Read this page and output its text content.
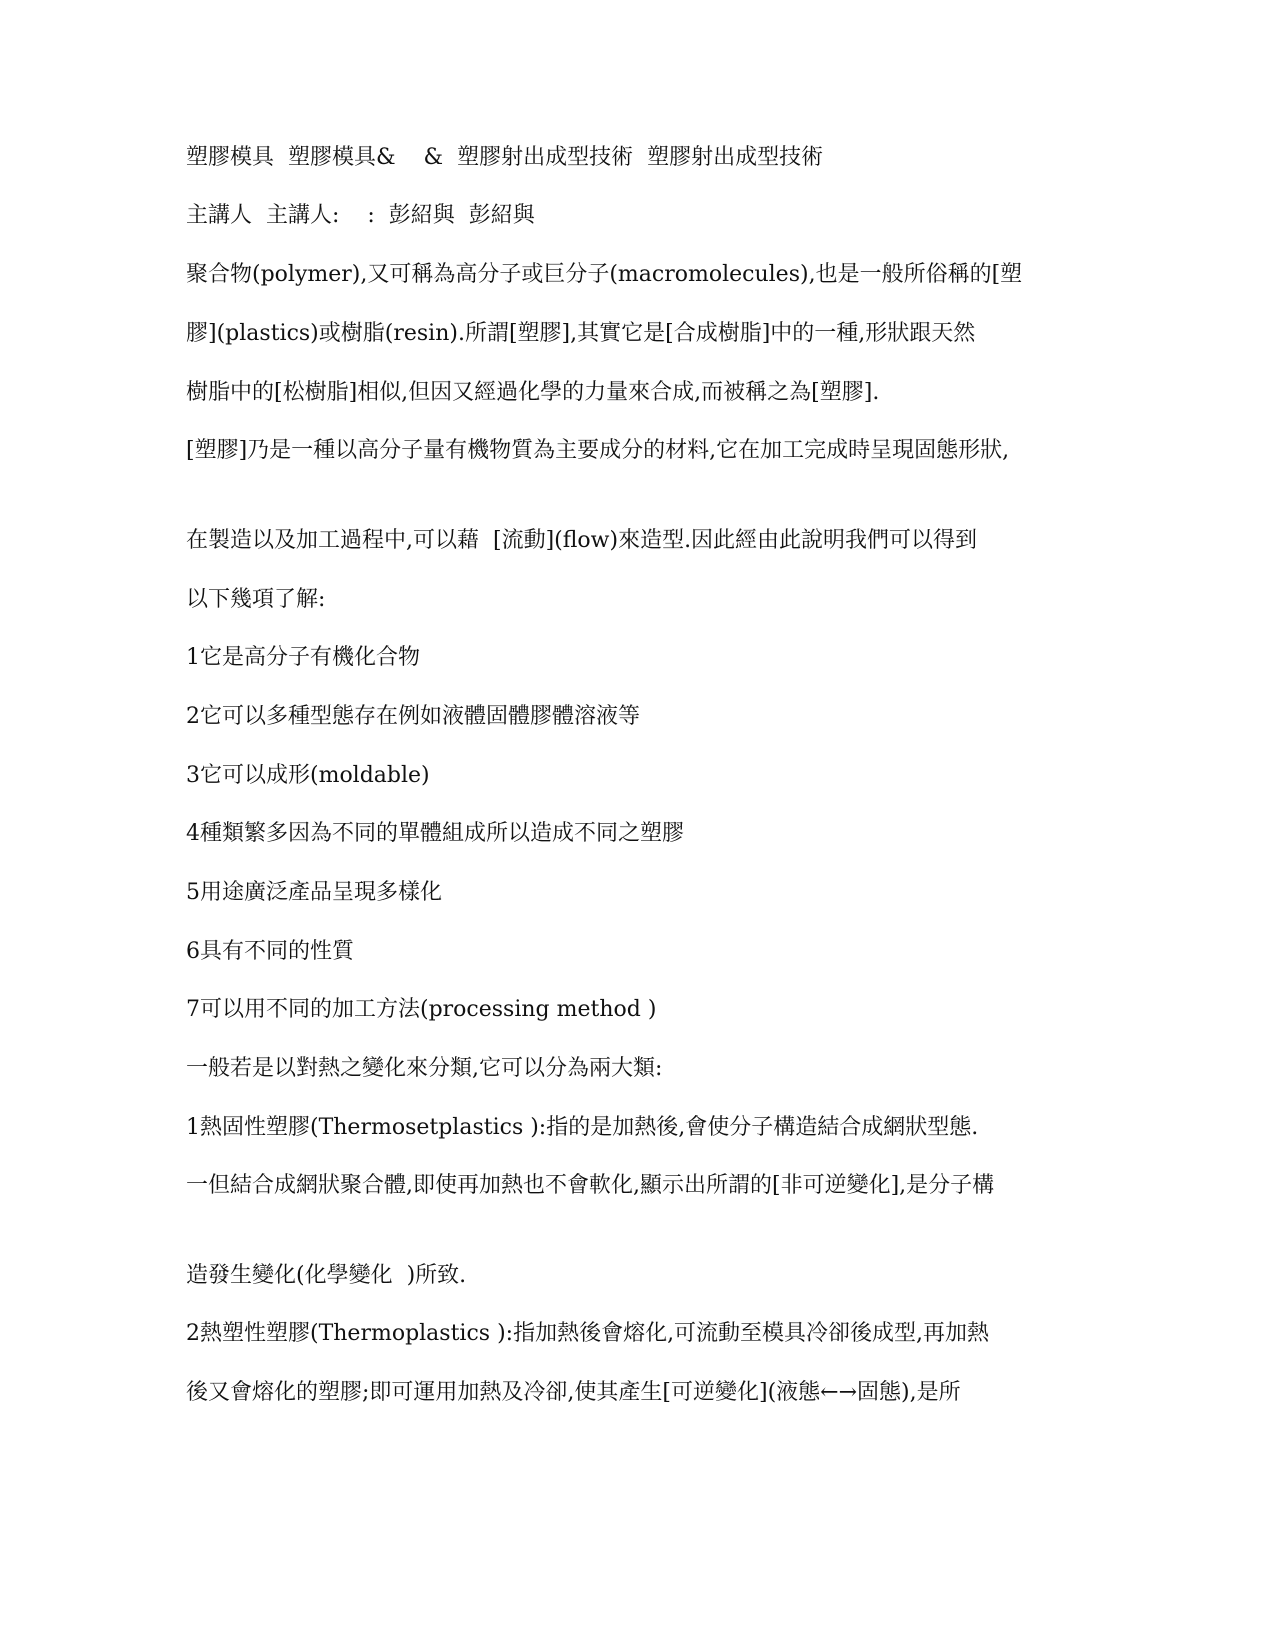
塑膠模具  塑膠模具&    &  塑膠射出成型技術  塑膠射出成型技術
主講人  主講人:    :  彭紹與  彭紹與
聚合物(polymer),又可稱為高分子或巨分子(macromolecules),也是一般所俗稱的[塑
膠](plastics)或樹脂(resin).所謂[塑膠],其實它是[合成樹脂]中的一種,形狀跟天然
樹脂中的[松樹脂]相似,但因又經過化學的力量來合成,而被稱之為[塑膠].
[塑膠]乃是一種以高分子量有機物質為主要成分的材料,它在加工完成時呈現固態形狀,
在製造以及加工過程中,可以藉  [流動](flow)來造型.因此經由此說明我們可以得到
以下幾項了解:
1它是高分子有機化合物
2它可以多種型態存在例如液體固體膠體溶液等
3它可以成形(moldable)
4種類繁多因為不同的單體組成所以造成不同之塑膠
5用途廣泛產品呈現多樣化
6具有不同的性質
7可以用不同的加工方法(processing method )
一般若是以對熱之變化來分類,它可以分為兩大類:
1熱固性塑膠(Thermosetplastics ):指的是加熱後,會使分子構造結合成網狀型態.
一但結合成網狀聚合體,即使再加熱也不會軟化,顯示出所謂的[非可逆變化],是分子構
造發生變化(化學變化  )所致.
2熱塑性塑膠(Thermoplastics ):指加熱後會熔化,可流動至模具冷卻後成型,再加熱
後又會熔化的塑膠;即可運用加熱及冷卻,使其產生[可逆變化](液態←→固態),是所
